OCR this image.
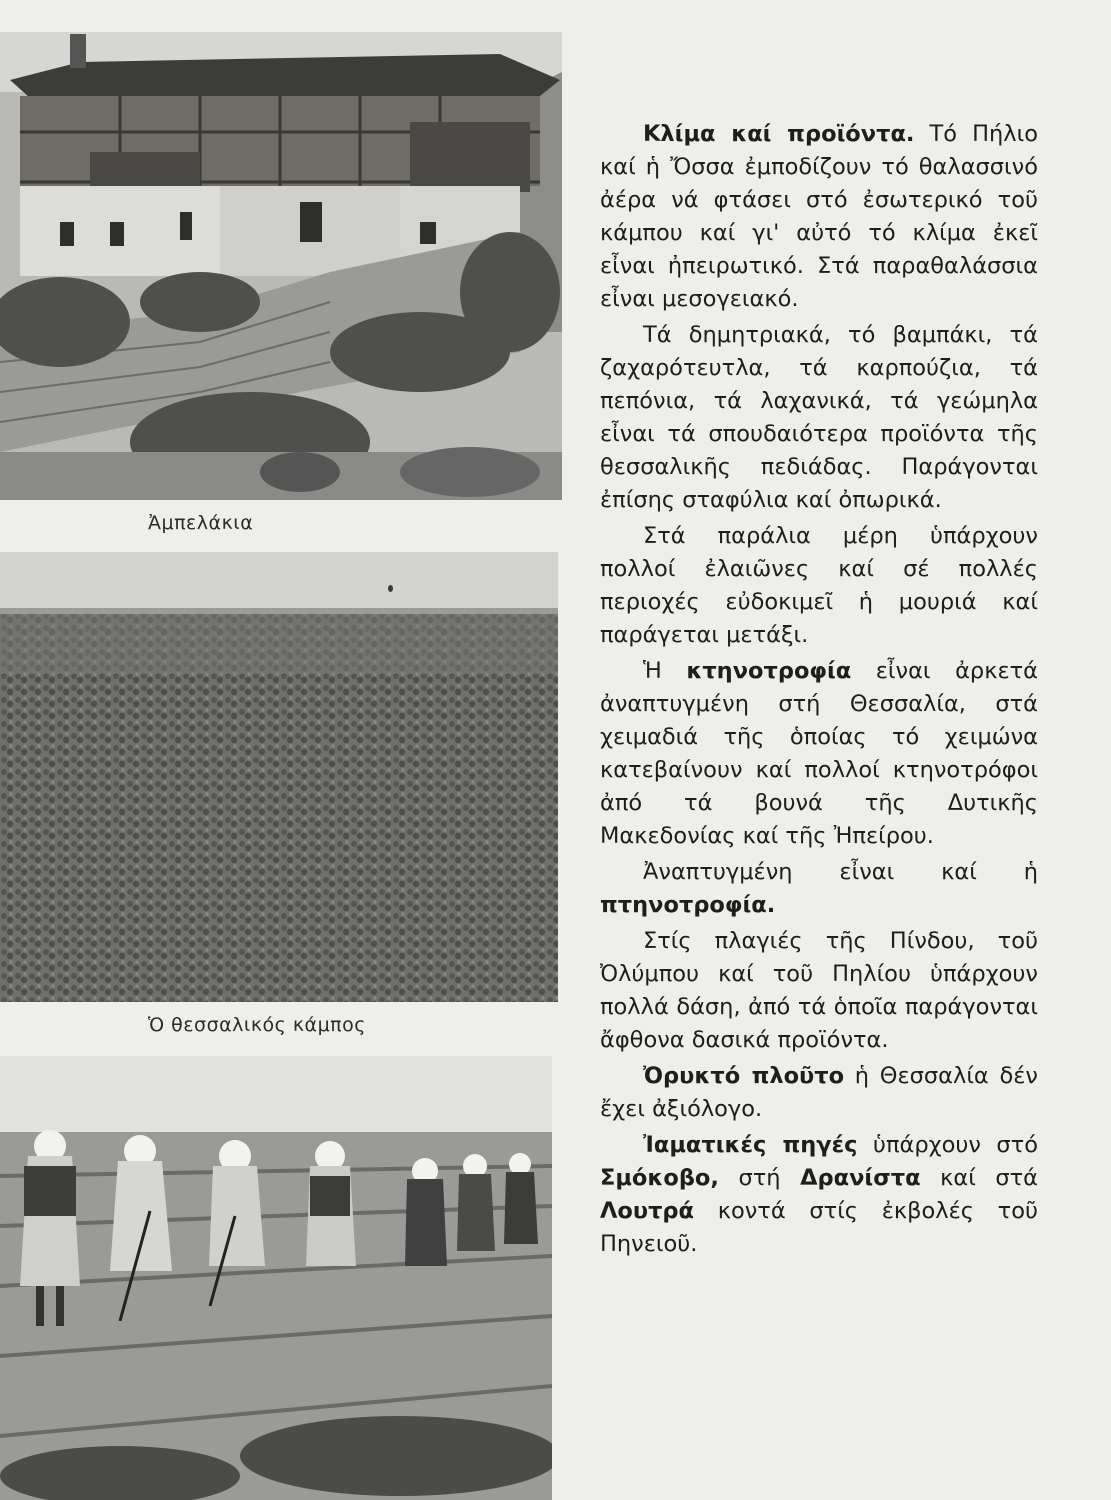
Ἀμπελάκια
Ὁ θεσσαλικός κάμπος

Κλίμα καί προϊόντα. Τό Πήλιο καί ἡ Ὄσσα ἐμποδίζουν τό θαλασσινό ἀέρα νά φτάσει στό ἐσωτερικό τοῦ κάμπου καί γι' αὐτό τό κλίμα ἐκεῖ εἶναι ἠπειρωτικό. Στά παραθαλάσσια εἶναι μεσογειακό.

Τά δημητριακά, τό βαμπάκι, τά ζαχαρότευτλα, τά καρπούζια, τά πεπόνια, τά λαχανικά, τά γεώμηλα εἶναι τά σπουδαιότερα προϊόντα τῆς θεσσαλικῆς πεδιάδας. Παράγονται ἐπίσης σταφύλια καί ὀπωρικά.

Στά παράλια μέρη ὑπάρχουν πολλοί ἐλαιῶνες καί σέ πολλές περιοχές εὐδοκιμεῖ ἡ μουριά καί παράγεται μετάξι.

Ἡ κτηνοτροφία εἶναι ἀρκετά ἀναπτυγμένη στή Θεσσαλία, στά χειμαδιά τῆς ὁποίας τό χειμώνα κατεβαίνουν καί πολλοί κτηνοτρόφοι ἀπό τά βουνά τῆς Δυτικῆς Μακεδονίας καί τῆς Ἠπείρου.

Ἀναπτυγμένη εἶναι καί ἡ πτηνοτροφία.

Στίς πλαγιές τῆς Πίνδου, τοῦ Ὀλύμπου καί τοῦ Πηλίου ὑπάρχουν πολλά δάση, ἀπό τά ὁποῖα παράγονται ἄφθονα δασικά προϊόντα.

Ὀρυκτό πλοῦτο ἡ Θεσσαλία δέν ἔχει ἀξιόλογο.

Ἰαματικές πηγές ὑπάρχουν στό Σμόκοβο, στή Δρανίστα καί στά Λουτρά κοντά στίς ἐκβολές τοῦ Πηνειοῦ.
